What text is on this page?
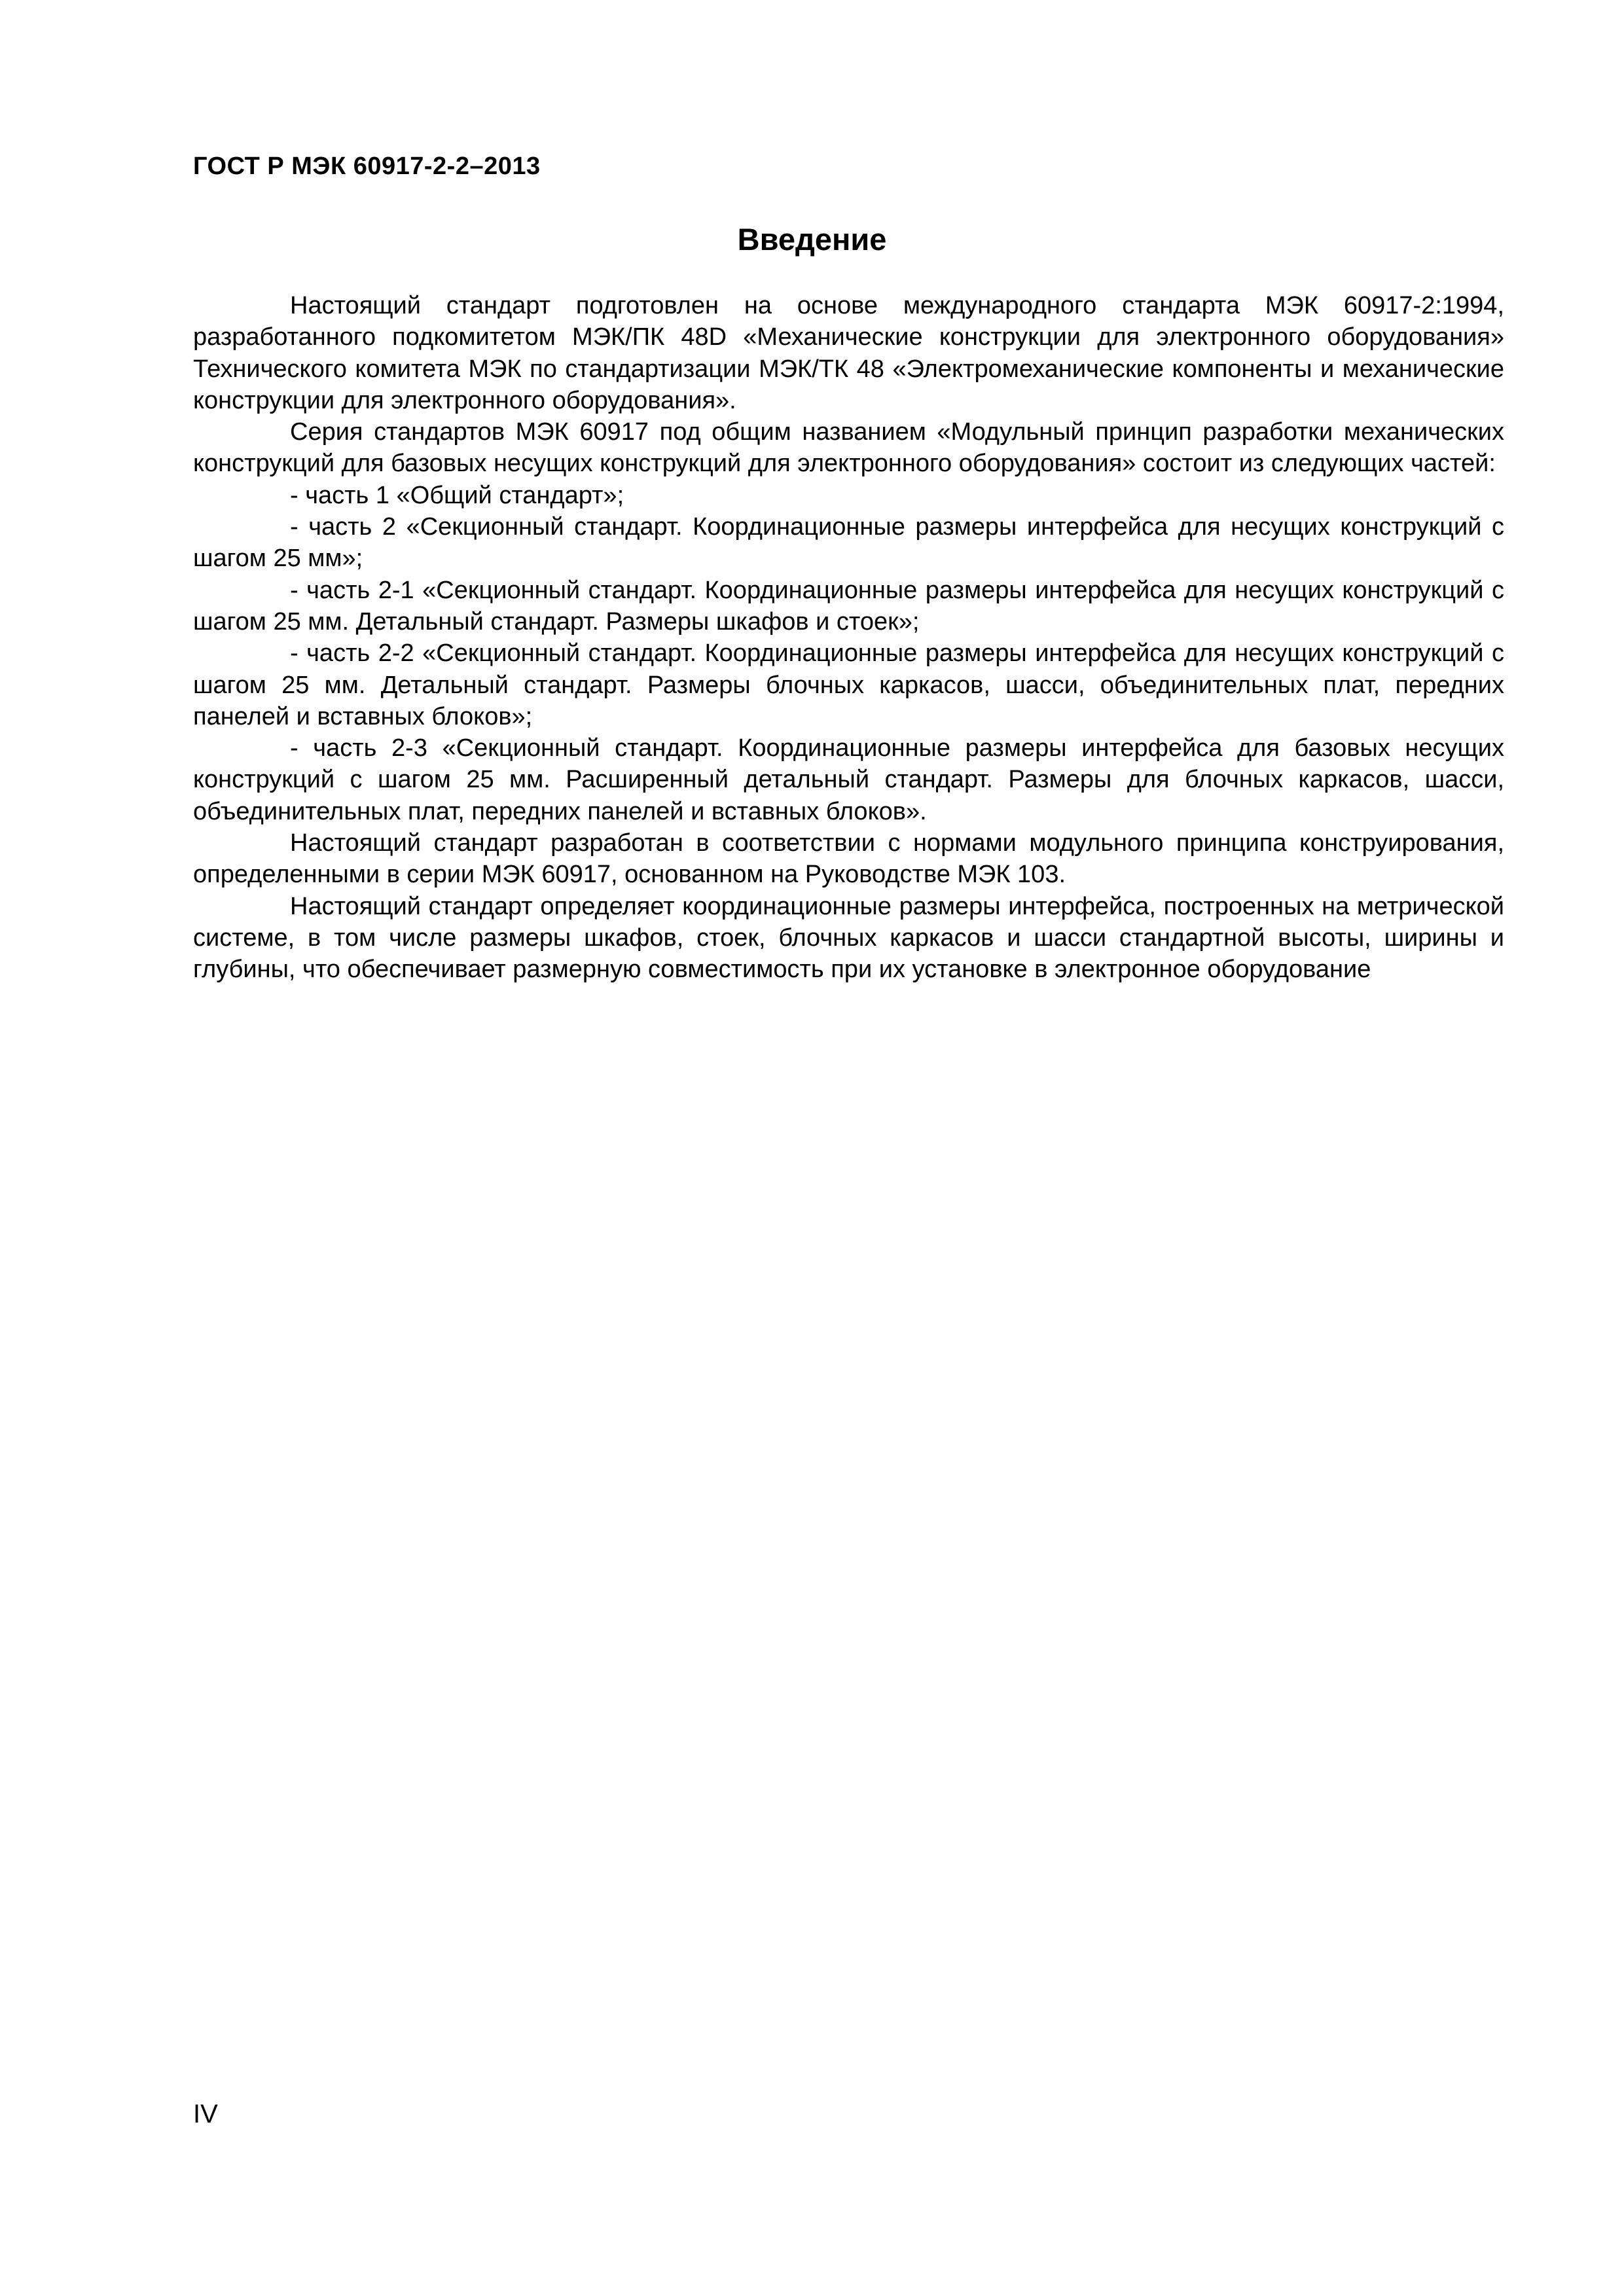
ГОСТ Р МЭК 60917-2-2–2013
Введение

Настоящий стандарт подготовлен на основе международного стандарта МЭК 60917-2:1994, разработанного подкомитетом МЭК/ПК 48D «Механические конструкции для электронного оборудования» Технического комитета МЭК по стандартизации МЭК/ТК 48 «Электромеханические компоненты и механические конструкции для электронного оборудования».

Серия стандартов МЭК 60917 под общим названием «Модульный принцип разработки механических конструкций для базовых несущих конструкций для электронного оборудования» состоит из следующих частей:

- часть 1 «Общий стандарт»;

- часть 2 «Секционный стандарт. Координационные размеры интерфейса для несущих конструкций с шагом 25 мм»;

- часть 2-1 «Секционный стандарт. Координационные размеры интерфейса для несущих конструкций с шагом 25 мм. Детальный стандарт. Размеры шкафов и стоек»;

- часть 2-2 «Секционный стандарт. Координационные размеры интерфейса для несущих конструкций с шагом 25 мм. Детальный стандарт. Размеры блочных каркасов, шасси, объединительных плат, передних панелей и вставных блоков»;

- часть 2-3 «Секционный стандарт. Координационные размеры интерфейса для базовых несущих конструкций с шагом 25 мм. Расширенный детальный стандарт. Размеры для блочных каркасов, шасси, объединительных плат, передних панелей и вставных блоков».

Настоящий стандарт разработан в соответствии с нормами модульного принципа конструирования, определенными в серии МЭК 60917, основанном на Руководстве МЭК 103.

Настоящий стандарт определяет координационные размеры интерфейса, построенных на метрической системе, в том числе размеры шкафов, стоек, блочных каркасов и шасси стандартной высоты, ширины и глубины, что обеспечивает размерную совместимость при их установке в электронное оборудование

IV
